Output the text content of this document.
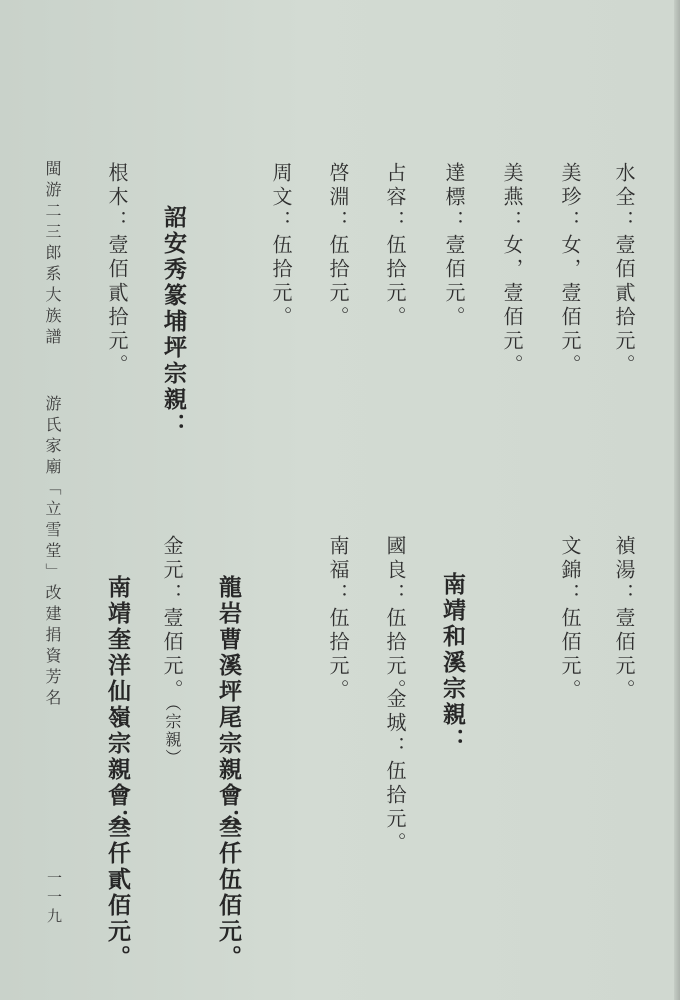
水全：壹佰貳拾元。
美珍：女，壹佰元。
美燕：女，壹佰元。
達標：壹佰元。
占容：伍拾元。
啓淵：伍拾元。
周文：伍拾元。
根木：壹佰貳拾元。 詔安秀篆埔坪宗親：
禎湯：壹佰元。
文錦：伍佰元。
南靖和溪宗親：
國良：伍拾元。
金城：伍拾元。
南福：伍拾元。
龍岩曹溪坪尾宗親會：
叁仟伍佰元。
金元：壹佰元。
（宗親）
南靖奎洋仙嶺宗親會：
叁仟貳佰元。
閩游二三郎系大族譜
游氏家廟「立雪堂」改建捐資芳名
一一九
